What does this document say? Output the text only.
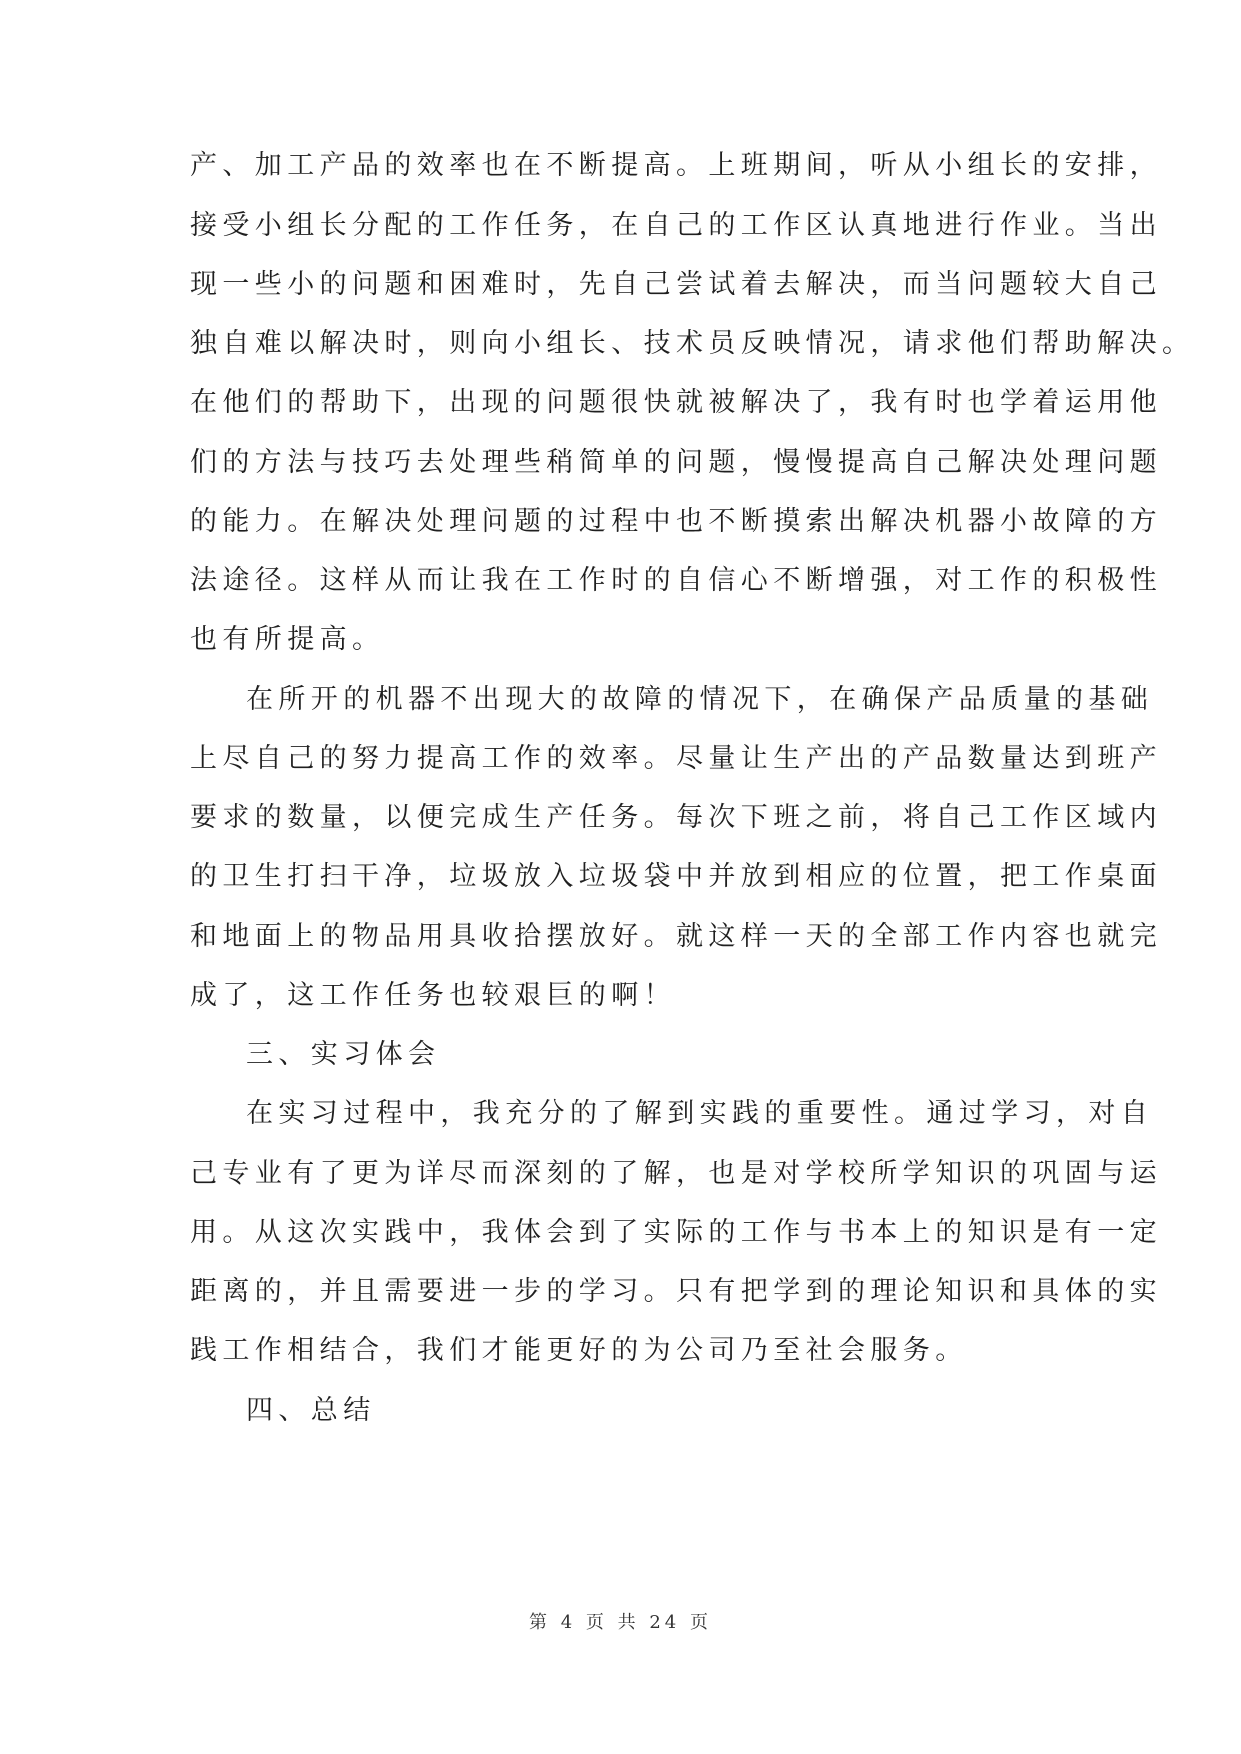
产、加工产品的效率也在不断提高。上班期间，听从小组长的安排，
接受小组长分配的工作任务，在自己的工作区认真地进行作业。当出
现一些小的问题和困难时，先自己尝试着去解决，而当问题较大自己
独自难以解决时，则向小组长、技术员反映情况，请求他们帮助解决。
在他们的帮助下，出现的问题很快就被解决了，我有时也学着运用他
们的方法与技巧去处理些稍简单的问题，慢慢提高自己解决处理问题
的能力。在解决处理问题的过程中也不断摸索出解决机器小故障的方
法途径。这样从而让我在工作时的自信心不断增强，对工作的积极性
也有所提高。
在所开的机器不出现大的故障的情况下，在确保产品质量的基础
上尽自己的努力提高工作的效率。尽量让生产出的产品数量达到班产
要求的数量，以便完成生产任务。每次下班之前，将自己工作区域内
的卫生打扫干净，垃圾放入垃圾袋中并放到相应的位置，把工作桌面
和地面上的物品用具收拾摆放好。就这样一天的全部工作内容也就完
成了，这工作任务也较艰巨的啊！
三、实习体会
在实习过程中，我充分的了解到实践的重要性。通过学习，对自
己专业有了更为详尽而深刻的了解，也是对学校所学知识的巩固与运
用。从这次实践中，我体会到了实际的工作与书本上的知识是有一定
距离的，并且需要进一步的学习。只有把学到的理论知识和具体的实
践工作相结合，我们才能更好的为公司乃至社会服务。
四、总结
第 4 页 共 24 页
